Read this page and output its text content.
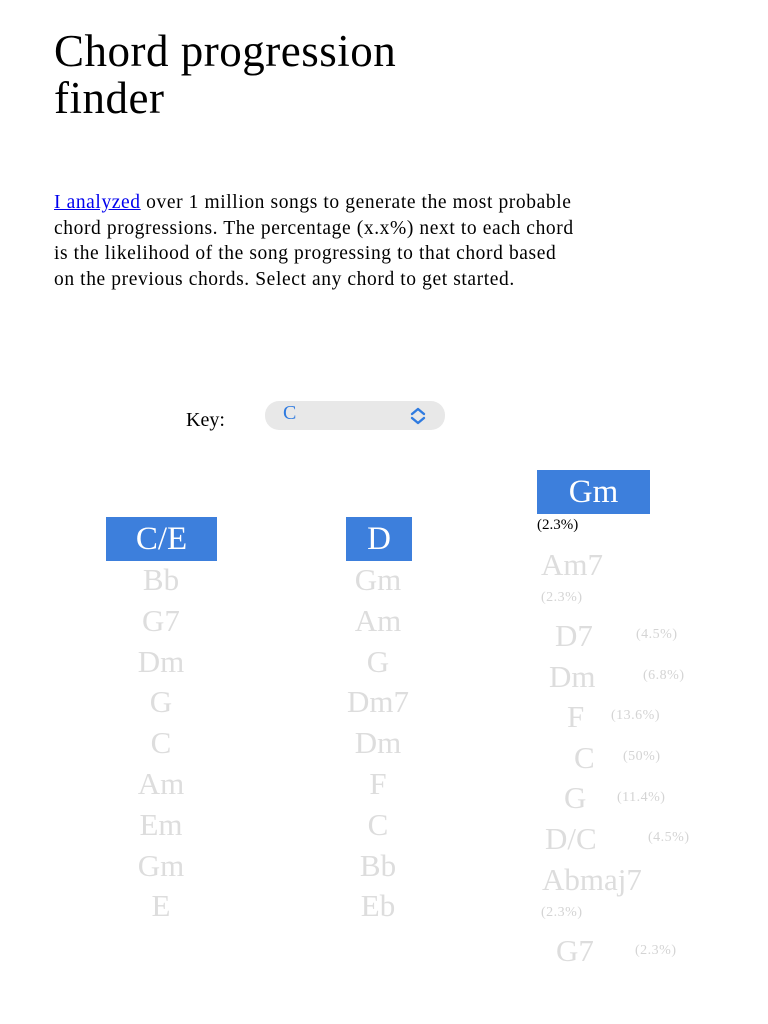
Chord progression finder

I analyzed over 1 million songs to generate the most probable chord progressions. The percentage (x.x%) next to each chord is the likelihood of the song progressing to that chord based on the previous chords. Select any chord to get started.

Key:	C
C/E
Bb
G7
Dm
G
C
Am
Em
Gm
E
D
Gm
Am
G
Dm7
Dm
F
C
Bb
Eb
Gm
(2.3%)
Am7
(2.3%)
D7	(4.5%)
Dm	(6.8%)
F (13.6%)
C (50%)
G (11.4%)
D/C	(4.5%)
Abmaj7
(2.3%)
G7	(2.3%)
